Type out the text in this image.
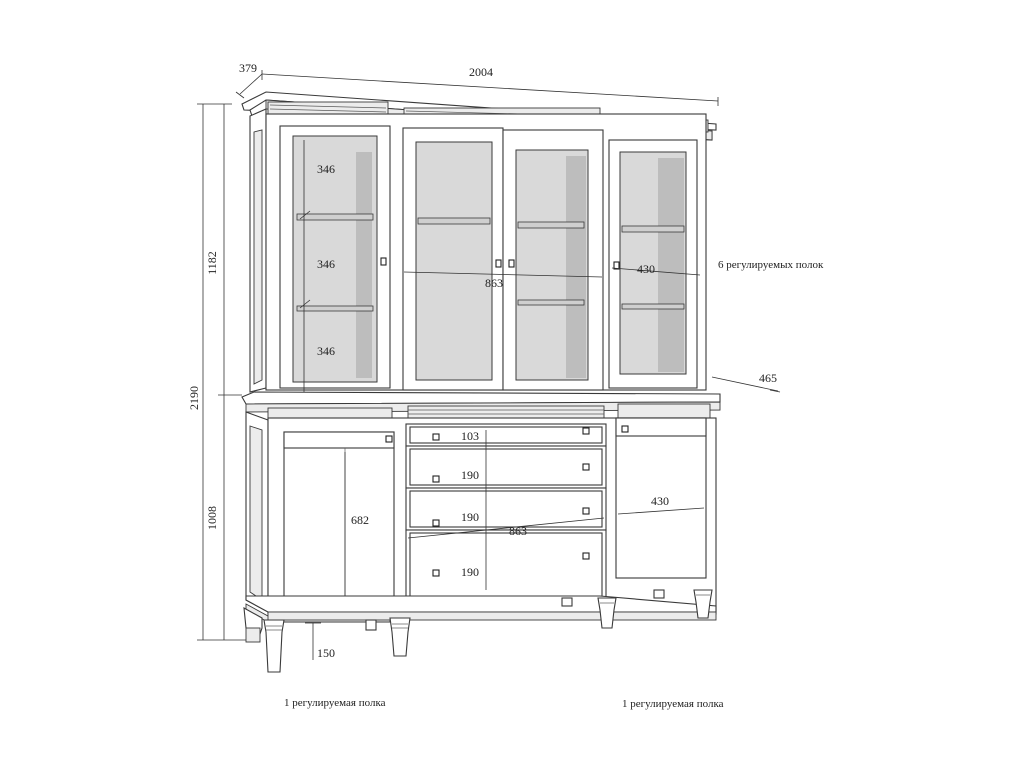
2004
379
2190
1182
1008
150
465
346
346
346
863
430
103
190
190
190
863
682
430
6 регулируемых полок
1 регулируемая полка	1 регулируемая полка
